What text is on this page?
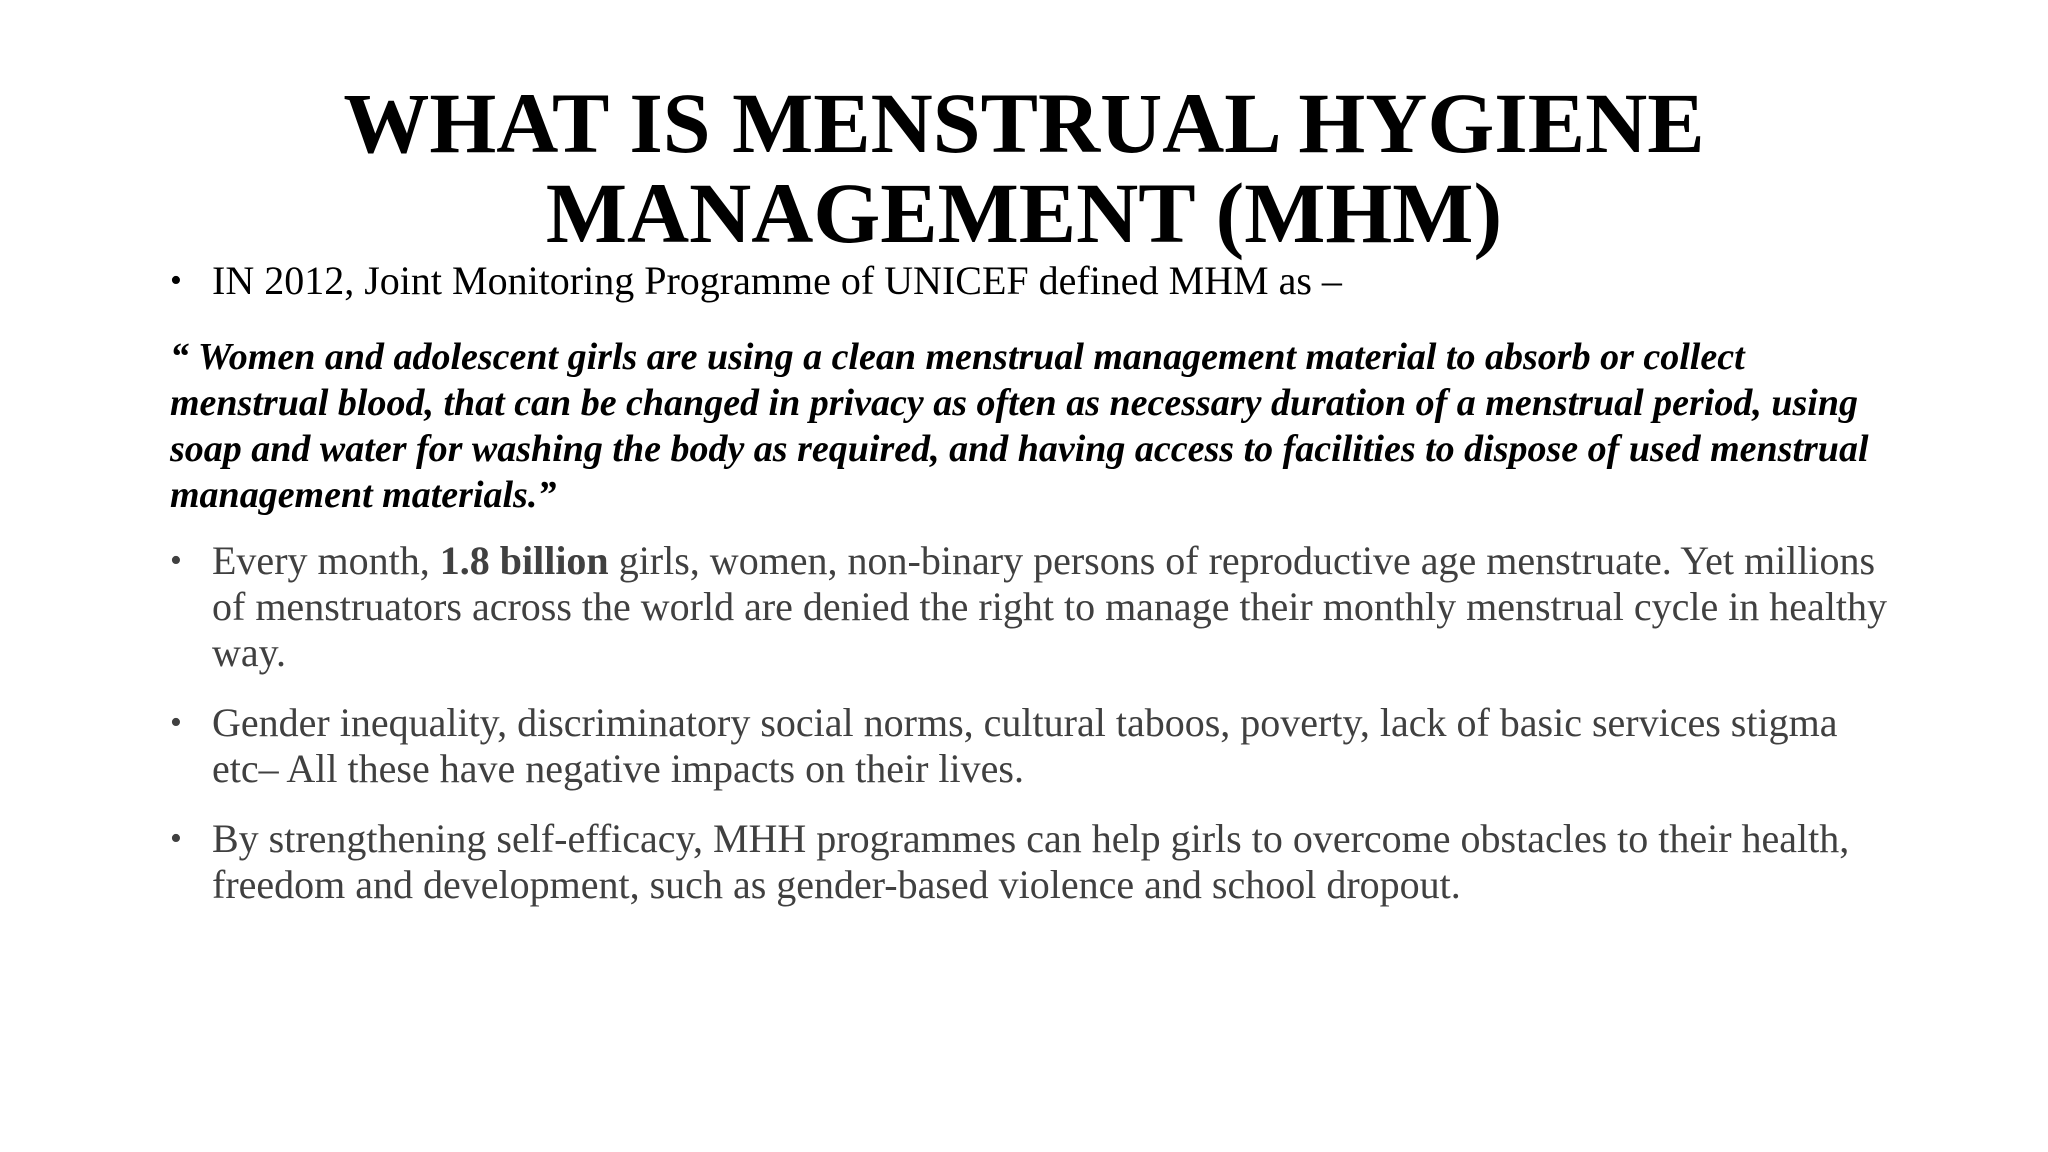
WHAT IS MENSTRUAL HYGIENE
MANAGEMENT (MHM)
• IN 2012, Joint Monitoring Programme of UNICEF defined MHM as –
“ Women and adolescent girls are using a clean menstrual management material to absorb or collect menstrual blood, that can be changed in privacy as often as necessary duration of a menstrual period, using soap and water for washing the body as required, and having access to facilities to dispose of used menstrual management materials.”
• Every month, 1.8 billion girls, women, non-binary persons of reproductive age menstruate. Yet millions of menstruators across the world are denied the right to manage their monthly menstrual cycle in healthy way.
• Gender inequality, discriminatory social norms, cultural taboos, poverty, lack of basic services stigma etc– All these have negative impacts on their lives.
• By strengthening self-efficacy, MHH programmes can help girls to overcome obstacles to their health, freedom and development, such as gender-based violence and school dropout.
